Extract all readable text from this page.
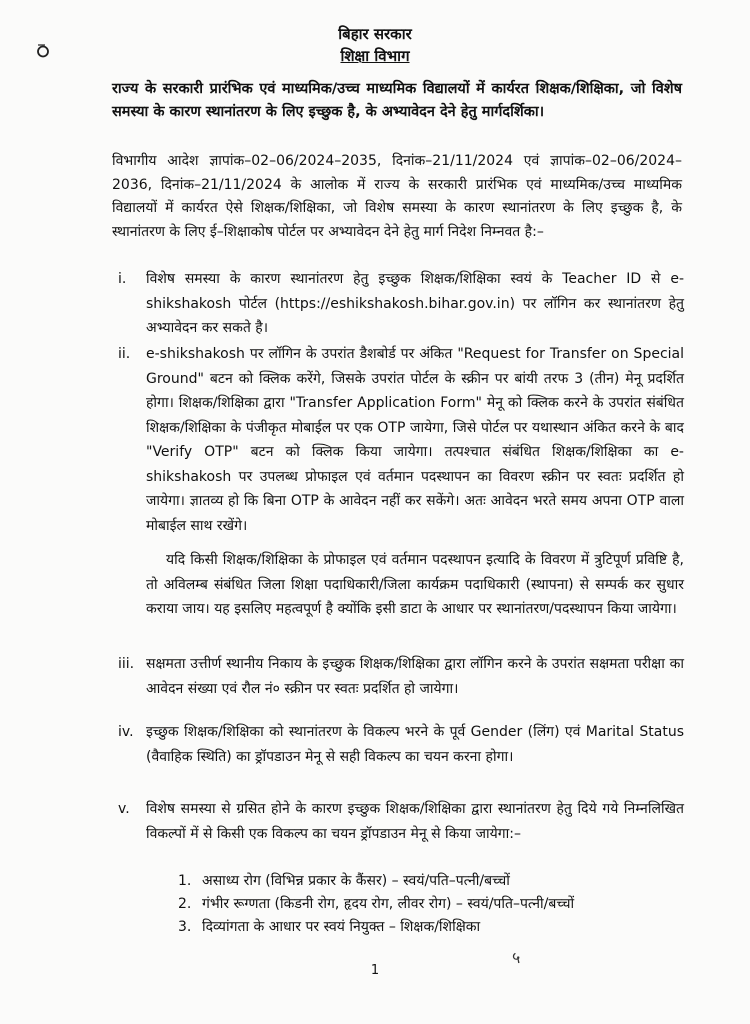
बिहार सरकार

शिक्षा विभाग

राज्य के सरकारी प्रारंभिक एवं माध्यमिक/उच्च माध्यमिक विद्यालयों में कार्यरत शिक्षक/शिक्षिका, जो विशेष समस्या के कारण स्थानांतरण के लिए इच्छुक है, के अभ्यावेदन देने हेतु मार्गदर्शिका।

विभागीय आदेश ज्ञापांक–02–06/2024–2035, दिनांक–21/11/2024 एवं ज्ञापांक–02–06/2024–2036, दिनांक–21/11/2024 के आलोक में राज्य के सरकारी प्रारंभिक एवं माध्यमिक/उच्च माध्यमिक विद्यालयों में कार्यरत ऐसे शिक्षक/शिक्षिका, जो विशेष समस्या के कारण स्थानांतरण के लिए इच्छुक है, के स्थानांतरण के लिए ई–शिक्षाकोष पोर्टल पर अभ्यावेदन देने हेतु मार्ग निदेश निम्नवत है:–

i.	विशेष समस्या के कारण स्थानांतरण हेतु इच्छुक शिक्षक/शिक्षिका स्वयं के Teacher ID से e-shikshakosh पोर्टल (https://eshikshakosh.bihar.gov.in) पर लॉगिन कर स्थानांतरण हेतु अभ्यावेदन कर सकते है।
ii.	e-shikshakosh पर लॉगिन के उपरांत डैशबोर्ड पर अंकित "Request for Transfer on Special Ground" बटन को क्लिक करेंगे, जिसके उपरांत पोर्टल के स्क्रीन पर बांयी तरफ 3 (तीन) मेनू प्रदर्शित होगा। शिक्षक/शिक्षिका द्वारा "Transfer Application Form" मेनू को क्लिक करने के उपरांत संबंधित शिक्षक/शिक्षिका के पंजीकृत मोबाईल पर एक OTP जायेगा, जिसे पोर्टल पर यथास्थान अंकित करने के बाद "Verify OTP" बटन को क्लिक किया जायेगा। तत्पश्चात संबंधित शिक्षक/शिक्षिका का e-shikshakosh पर उपलब्ध प्रोफाइल एवं वर्तमान पदस्थापन का विवरण स्क्रीन पर स्वतः प्रदर्शित हो जायेगा। ज्ञातव्य हो कि बिना OTP के आवेदन नहीं कर सकेंगे। अतः आवेदन भरते समय अपना OTP वाला मोबाईल साथ रखेंगे।

यदि किसी शिक्षक/शिक्षिका के प्रोफाइल एवं वर्तमान पदस्थापन इत्यादि के विवरण में त्रुटिपूर्ण प्रविष्टि है, तो अविलम्ब संबंधित जिला शिक्षा पदाधिकारी/जिला कार्यक्रम पदाधिकारी (स्थापना) से सम्पर्क कर सुधार कराया जाय। यह इसलिए महत्वपूर्ण है क्योंकि इसी डाटा के आधार पर स्थानांतरण/पदस्थापन किया जायेगा।

iii. सक्षमता उत्तीर्ण स्थानीय निकाय के इच्छुक शिक्षक/शिक्षिका द्वारा लॉगिन करने के उपरांत सक्षमता परीक्षा का आवेदन संख्या एवं रौल नं० स्क्रीन पर स्वतः प्रदर्शित हो जायेगा।
iv. इच्छुक शिक्षक/शिक्षिका को स्थानांतरण के विकल्प भरने के पूर्व Gender (लिंग) एवं Marital Status (वैवाहिक स्थिति) का ड्रॉपडाउन मेनू से सही विकल्प का चयन करना होगा।
v.	विशेष समस्या से ग्रसित होने के कारण इच्छुक शिक्षक/शिक्षिका द्वारा स्थानांतरण हेतु दिये गये निम्नलिखित विकल्पों में से किसी एक विकल्प का चयन ड्रॉपडाउन मेनू से किया जायेगा:–
1. असाध्य रोग (विभिन्न प्रकार के कैंसर) – स्वयं/पति–पत्नी/बच्चों
2. गंभीर रूग्णता (किडनी रोग, हृदय रोग, लीवर रोग) – स्वयं/पति–पत्नी/बच्चों
3. दिव्यांगता के आधार पर स्वयं नियुक्त – शिक्षक/शिक्षिका
५

1
